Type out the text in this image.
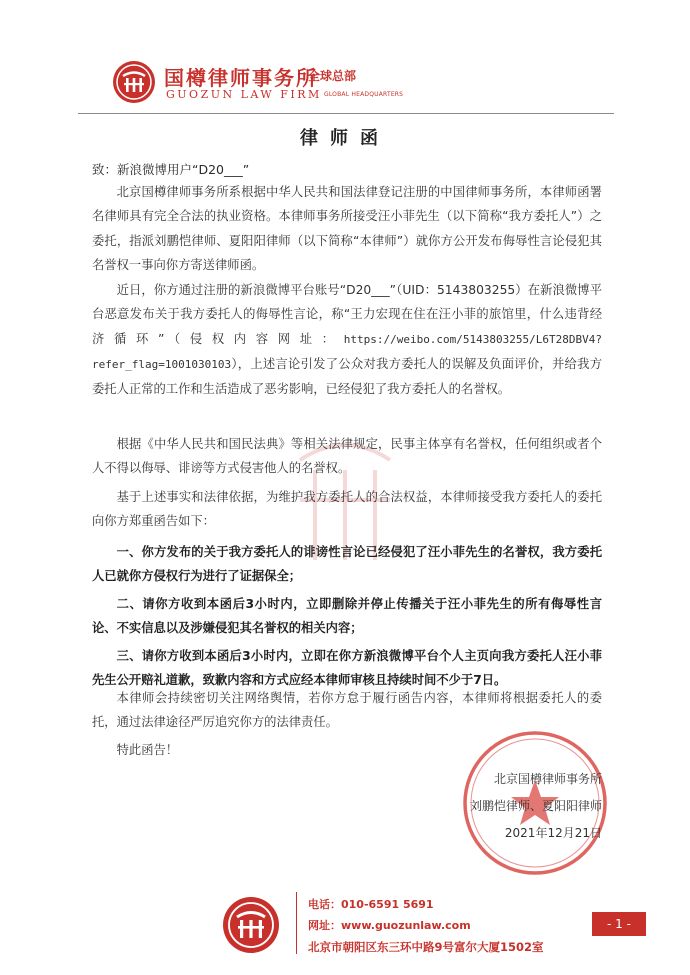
国樽律师事务所
全球总部
GUOZUN LAW FIRM GLOBAL HEADQUARTERS
律师函
致：新浪微博用户“D20___”
北京国樽律师事务所系根据中华人民共和国法律登记注册的中国律师事务所，本律师函署名律师具有完全合法的执业资格。本律师事务所接受汪小菲先生（以下简称“我方委托人”）之委托，指派刘鹏恺律师、夏阳阳律师（以下简称“本律师”）就你方公开发布侮辱性言论侵犯其名誉权一事向你方寄送律师函。
近日，你方通过注册的新浪微博平台账号“D20___”（UID：5143803255）在新浪微博平台恶意发布关于我方委托人的侮辱性言论，称“王力宏现在住在汪小菲的旅馆里，什么违背经济循环”（侵权内容网址：https://weibo.com/5143803255/L6T28DBV4?refer_flag=1001030103），上述言论引发了公众对我方委托人的误解及负面评价，并给我方委托人正常的工作和生活造成了恶劣影响，已经侵犯了我方委托人的名誉权。
根据《中华人民共和国民法典》等相关法律规定，民事主体享有名誉权，任何组织或者个人不得以侮辱、诽谤等方式侵害他人的名誉权。
基于上述事实和法律依据，为维护我方委托人的合法权益，本律师接受我方委托人的委托向你方郑重函告如下：
一、你方发布的关于我方委托人的诽谤性言论已经侵犯了汪小菲先生的名誉权，我方委托人已就你方侵权行为进行了证据保全；
二、请你方收到本函后3小时内，立即删除并停止传播关于汪小菲先生的所有侮辱性言论、不实信息以及涉嫌侵犯其名誉权的相关内容；
三、请你方收到本函后3小时内，立即在你方新浪微博平台个人主页向我方委托人汪小菲先生公开赔礼道歉，致歉内容和方式应经本律师审核且持续时间不少于7日。
本律师会持续密切关注网络舆情，若你方怠于履行函告内容，本律师将根据委托人的委托，通过法律途径严厉追究你方的法律责任。
特此函告！
北京国樽律师事务所
刘鹏恺律师、夏阳阳律师
2021年12月21日
电话：010-6591 5691
网址：www.guozunlaw.com
北京市朝阳区东三环中路9号富尔大厦1502室
- 1 -
